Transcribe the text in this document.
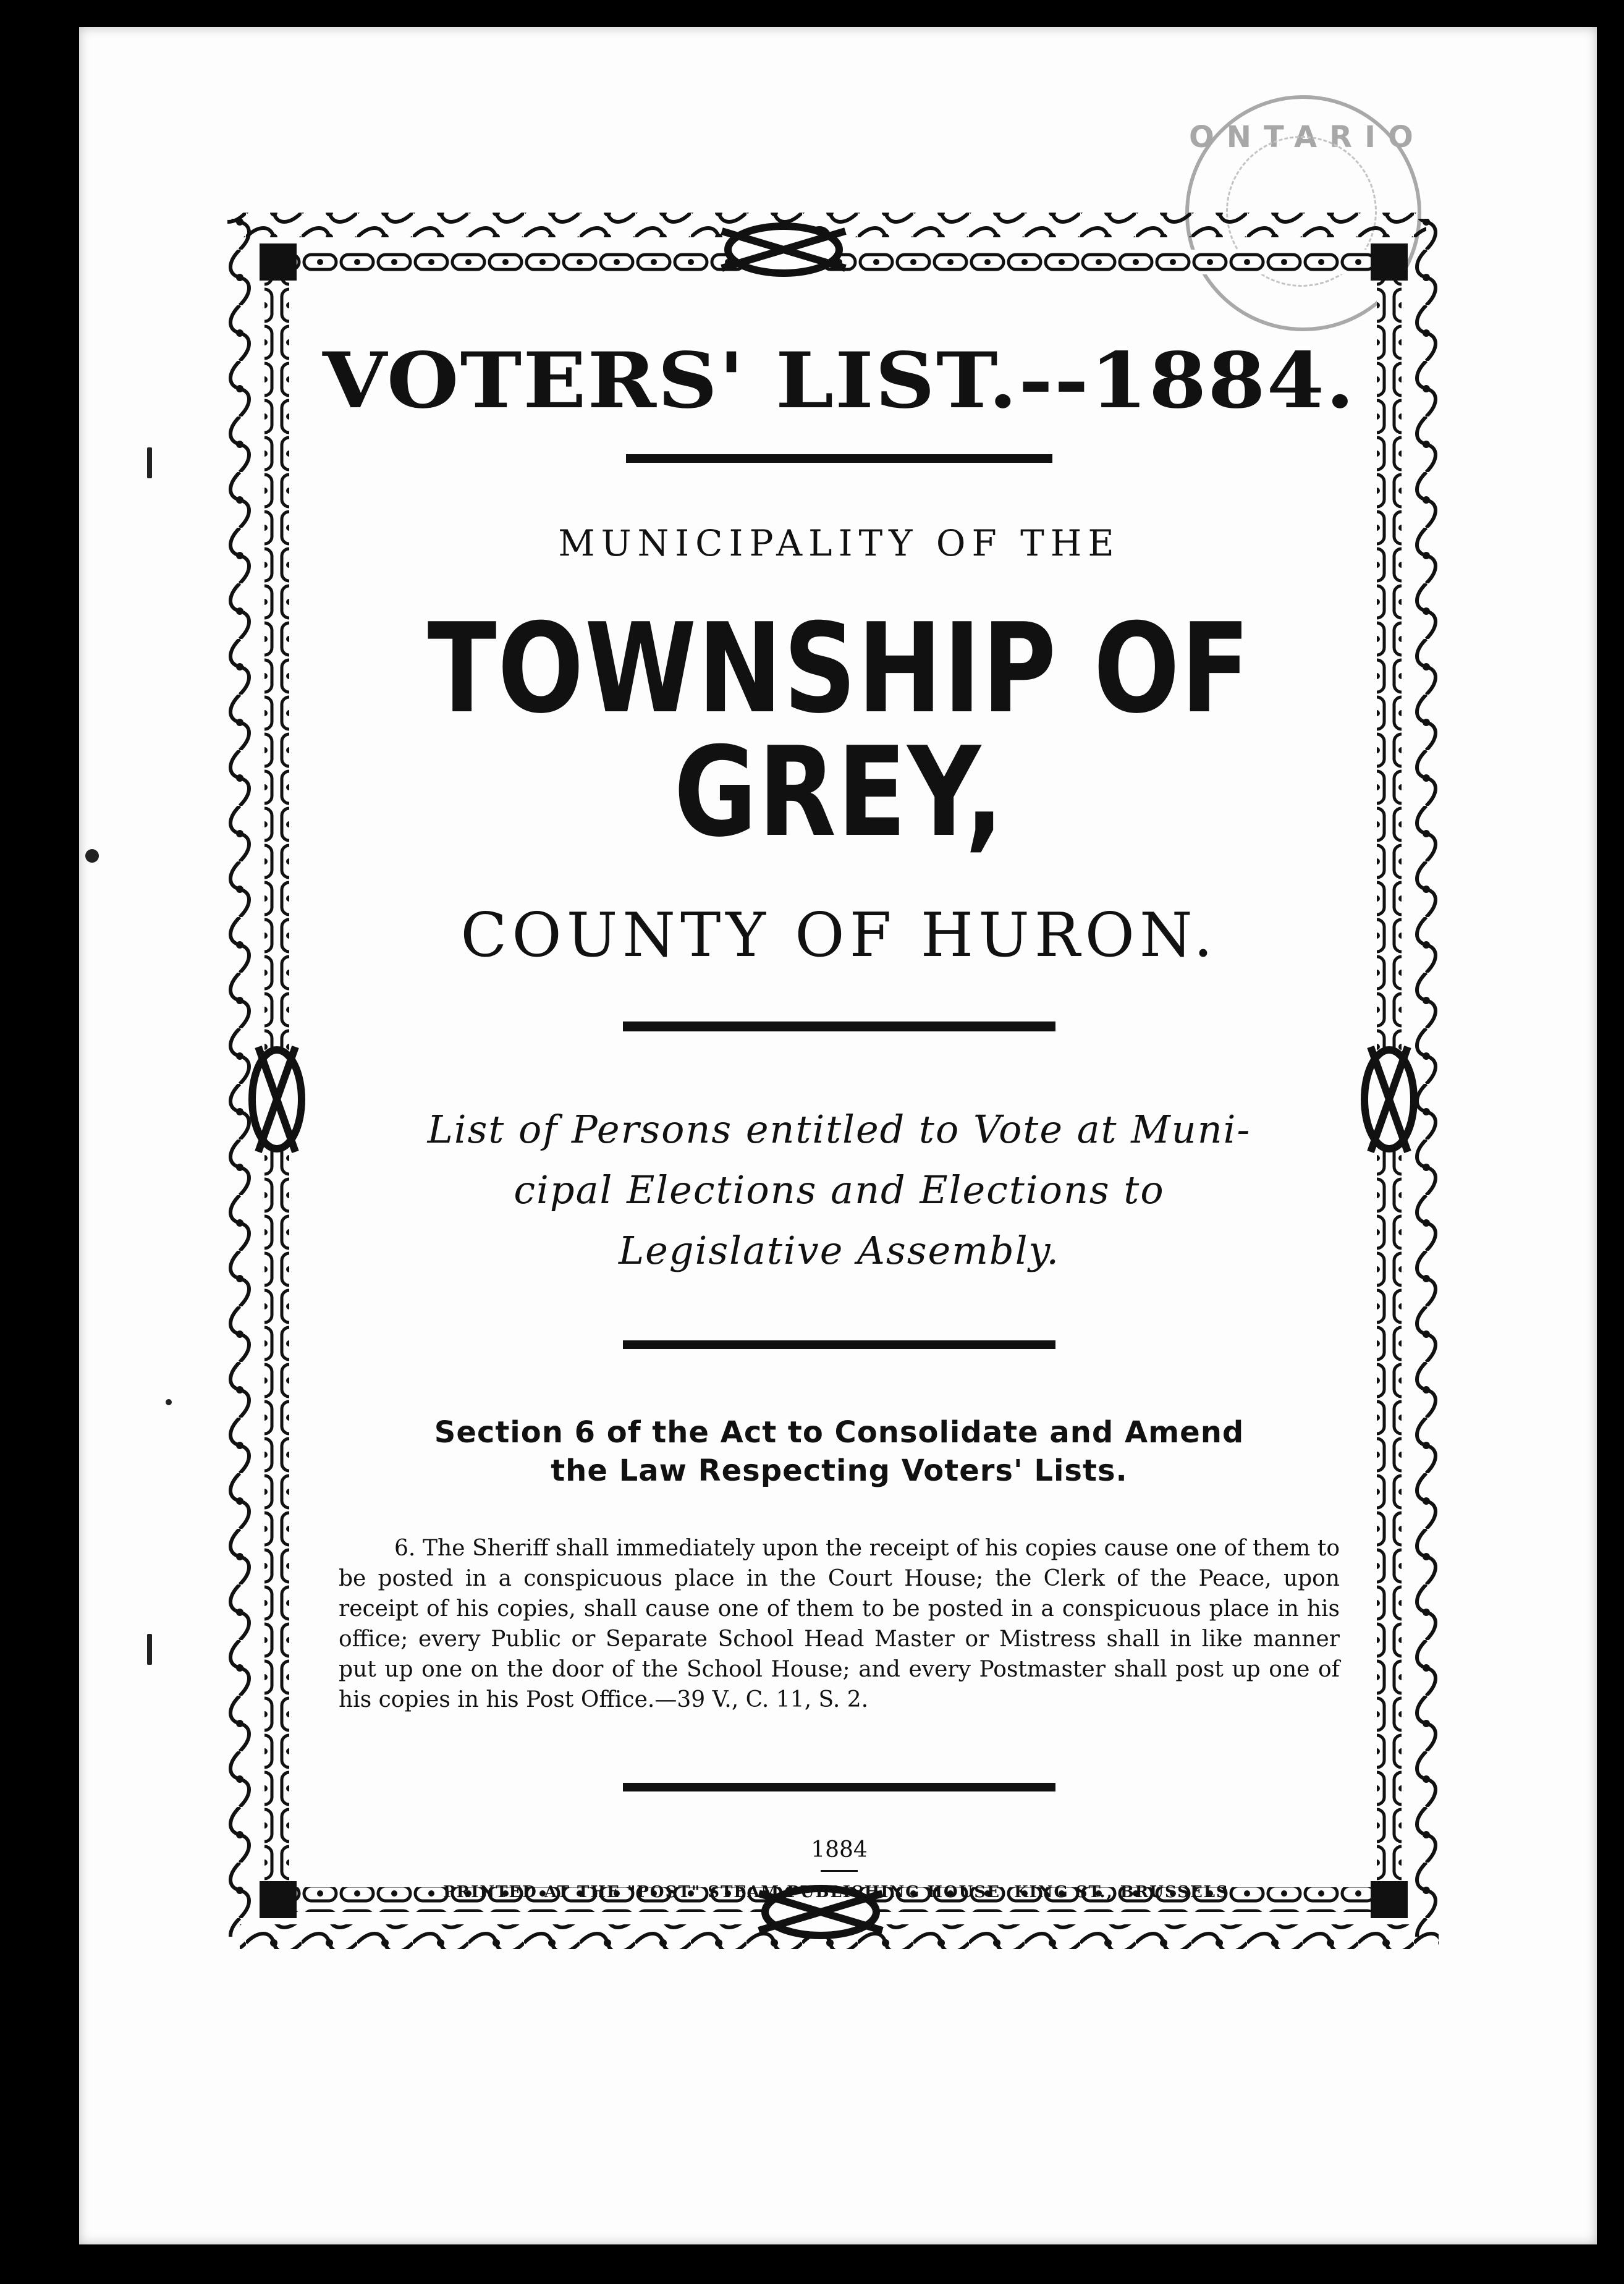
ONTARIO
VOTERS' LIST.--1884.
MUNICIPALITY OF THE
TOWNSHIP OF GREY,
COUNTY OF HURON.
List of Persons entitled to Vote at Muni-
cipal Elections and Elections to
Legislative Assembly.
Section 6 of the Act to Consolidate and Amend
the Law Respecting Voters' Lists.
6. The Sheriff shall immediately upon the receipt of his copies cause one of them to be posted in a conspicuous place in the Court House; the Clerk of the Peace, upon receipt of his copies, shall cause one of them to be posted in a conspicuous place in his office; every Public or Separate School Head Master or Mistress shall in like manner put up one on the door of the School House; and every Postmaster shall post up one of his copies in his Post Office.—39 V., C. 11, S. 2.
1884
PRINTED AT THE "POST" STEAM PUBLISHING HOUSE, KING ST., BRUSSELS.
